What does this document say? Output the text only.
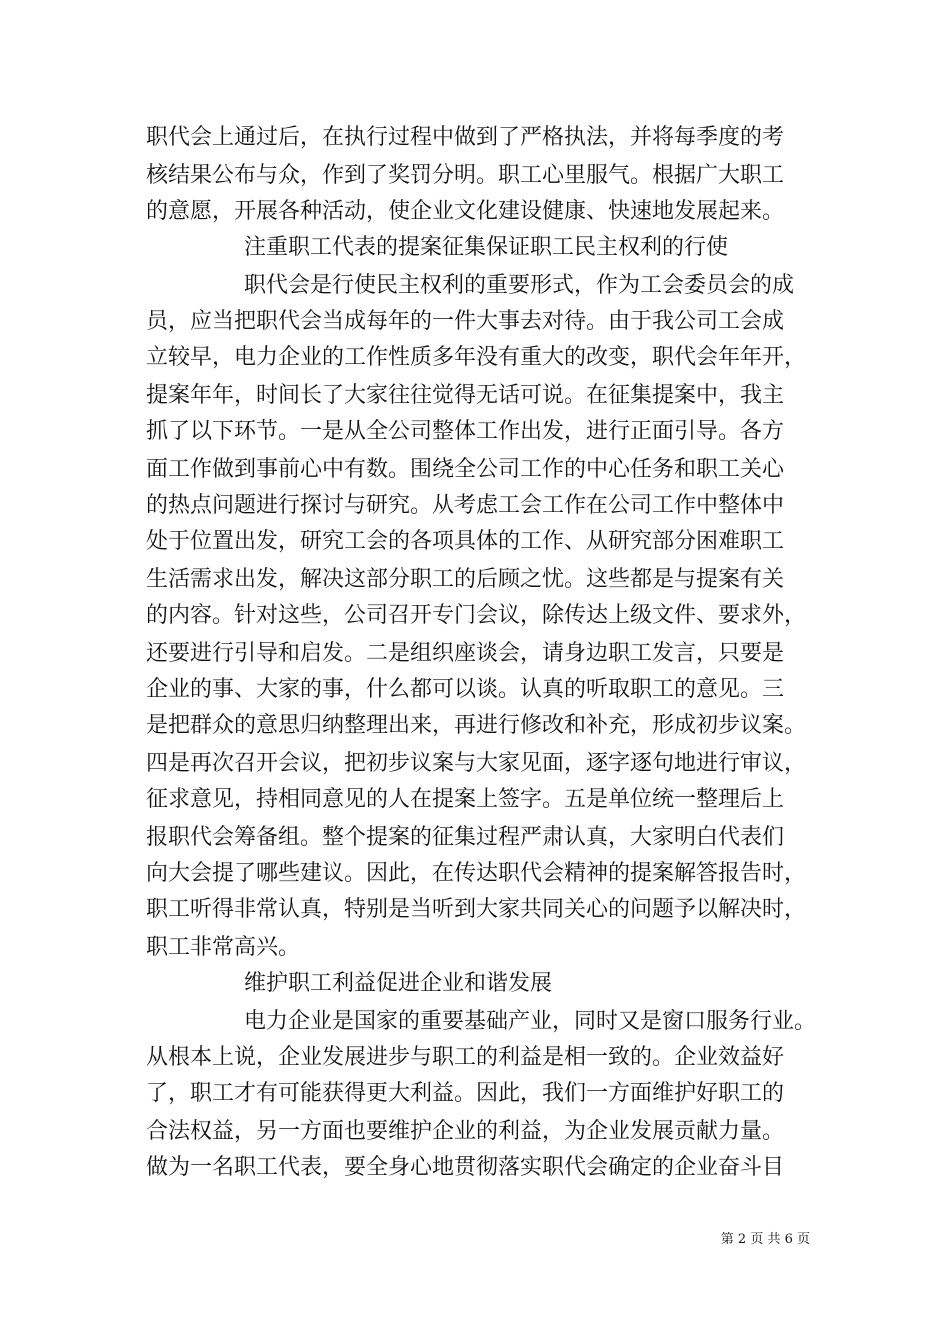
职代会上通过后，在执行过程中做到了严格执法，并将每季度的考
核结果公布与众，作到了奖罚分明。职工心里服气。根据广大职工
的意愿，开展各种活动，使企业文化建设健康、快速地发展起来。
注重职工代表的提案征集保证职工民主权利的行使
职代会是行使民主权利的重要形式，作为工会委员会的成
员，应当把职代会当成每年的一件大事去对待。由于我公司工会成
立较早，电力企业的工作性质多年没有重大的改变，职代会年年开，
提案年年，时间长了大家往往觉得无话可说。在征集提案中，我主
抓了以下环节。一是从全公司整体工作出发，进行正面引导。各方
面工作做到事前心中有数。围绕全公司工作的中心任务和职工关心
的热点问题进行探讨与研究。从考虑工会工作在公司工作中整体中
处于位置出发，研究工会的各项具体的工作、从研究部分困难职工
生活需求出发，解决这部分职工的后顾之忧。这些都是与提案有关
的内容。针对这些，公司召开专门会议，除传达上级文件、要求外，
还要进行引导和启发。二是组织座谈会，请身边职工发言，只要是
企业的事、大家的事，什么都可以谈。认真的听取职工的意见。三
是把群众的意思归纳整理出来，再进行修改和补充，形成初步议案。
四是再次召开会议，把初步议案与大家见面，逐字逐句地进行审议，
征求意见，持相同意见的人在提案上签字。五是单位统一整理后上
报职代会筹备组。整个提案的征集过程严肃认真，大家明白代表们
向大会提了哪些建议。因此，在传达职代会精神的提案解答报告时，
职工听得非常认真，特别是当听到大家共同关心的问题予以解决时，
职工非常高兴。
维护职工利益促进企业和谐发展
电力企业是国家的重要基础产业，同时又是窗口服务行业。
从根本上说，企业发展进步与职工的利益是相一致的。企业效益好
了，职工才有可能获得更大利益。因此，我们一方面维护好职工的
合法权益，另一方面也要维护企业的利益，为企业发展贡献力量。
做为一名职工代表，要全身心地贯彻落实职代会确定的企业奋斗目
第 2 页 共 6 页
